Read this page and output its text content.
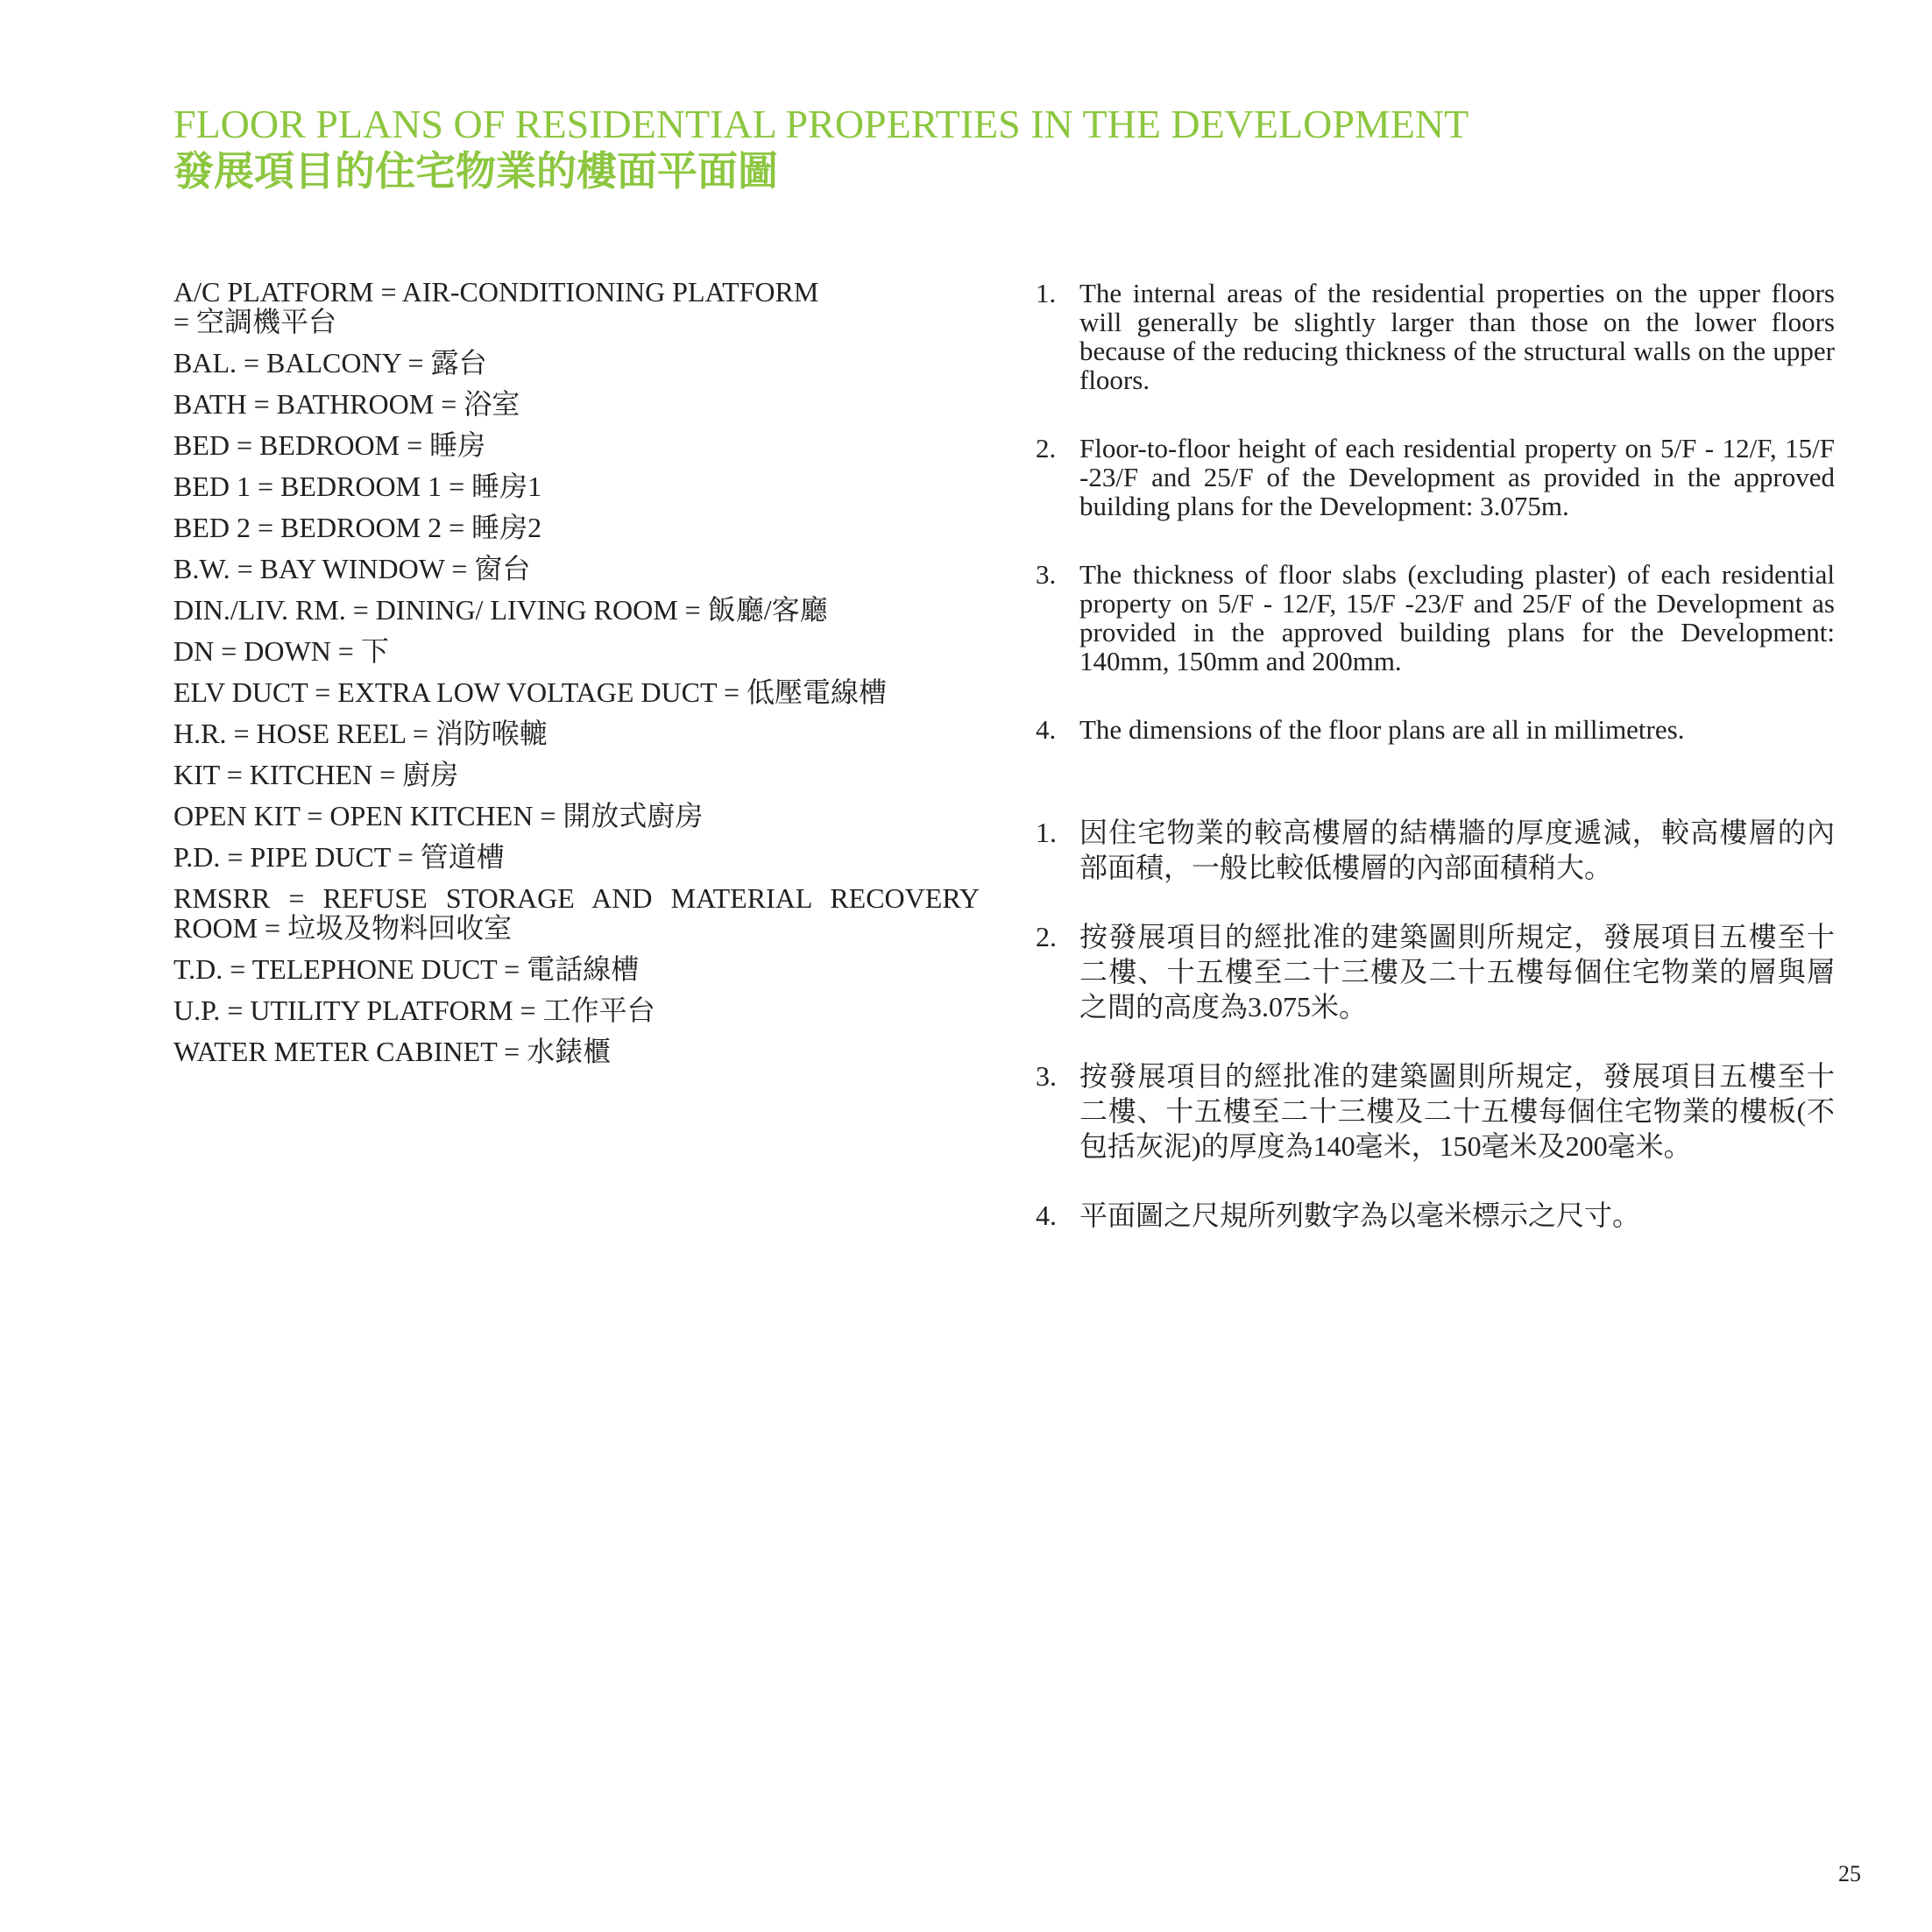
FLOOR PLANS OF RESIDENTIAL PROPERTIES IN THE DEVELOPMENT
發展項目的住宅物業的樓面平面圖
A/C PLATFORM = AIR-CONDITIONING PLATFORM
= 空調機平台
BAL. = BALCONY = 露台
BATH = BATHROOM = 浴室
BED = BEDROOM = 睡房
BED 1 = BEDROOM 1 = 睡房1
BED 2 = BEDROOM 2 = 睡房2
B.W. = BAY WINDOW = 窗台
DIN./LIV. RM. = DINING/ LIVING ROOM = 飯廳/客廳
DN = DOWN = 下
ELV DUCT = EXTRA LOW VOLTAGE DUCT = 低壓電線槽
H.R. = HOSE REEL = 消防喉轆
KIT = KITCHEN = 廚房
OPEN KIT = OPEN KITCHEN = 開放式廚房
P.D. = PIPE DUCT = 管道槽
RMSRR = REFUSE STORAGE AND MATERIAL RECOVERY ROOM = 垃圾及物料回收室
T.D. = TELEPHONE DUCT = 電話線槽
U.P. = UTILITY PLATFORM = 工作平台
WATER METER CABINET = 水錶櫃
1. The internal areas of the residential properties on the upper floors will generally be slightly larger than those on the lower floors because of the reducing thickness of the structural walls on the upper floors.
2. Floor-to-floor height of each residential property on 5/F - 12/F, 15/F -23/F and 25/F of the Development as provided in the approved building plans for the Development: 3.075m.
3. The thickness of floor slabs (excluding plaster) of each residential property on 5/F - 12/F, 15/F -23/F and 25/F of the Development as provided in the approved building plans for the Development: 140mm, 150mm and 200mm.
4. The dimensions of the floor plans are all in millimetres.
1. 因住宅物業的較高樓層的結構牆的厚度遞減，較高樓層的內部面積，一般比較低樓層的內部面積稍大。
2. 按發展項目的經批准的建築圖則所規定，發展項目五樓至十二樓、十五樓至二十三樓及二十五樓每個住宅物業的層與層之間的高度為3.075米。
3. 按發展項目的經批准的建築圖則所規定，發展項目五樓至十二樓、十五樓至二十三樓及二十五樓每個住宅物業的樓板(不包括灰泥)的厚度為140毫米，150毫米及200毫米。
4. 平面圖之尺規所列數字為以毫米標示之尺寸。
25
